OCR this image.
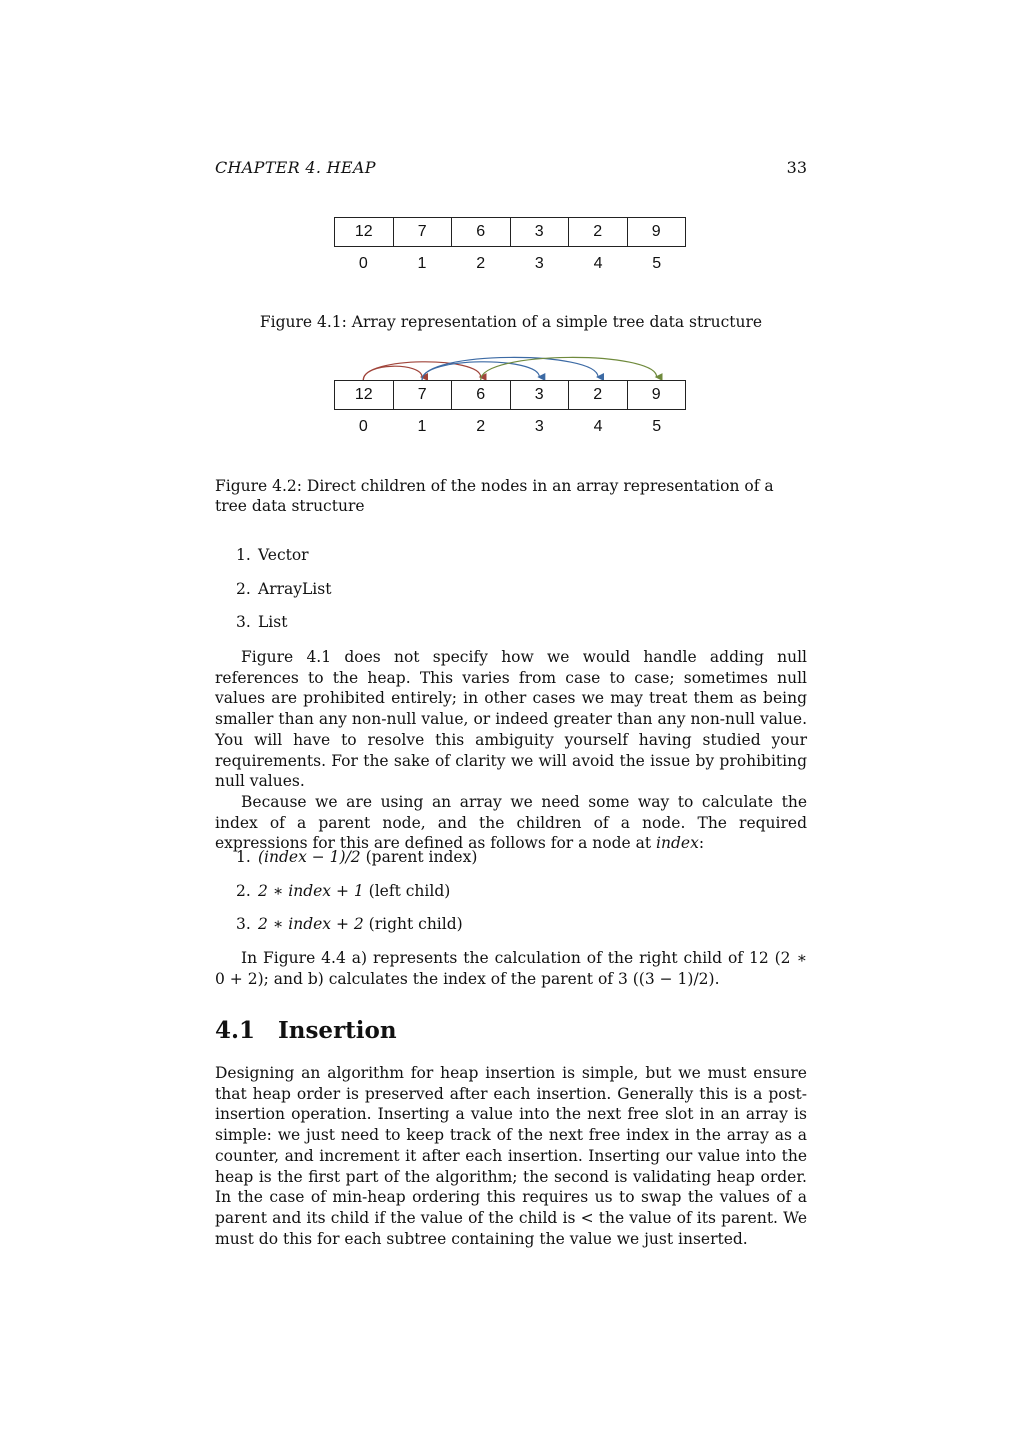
CHAPTER 4. HEAP	33
12	7	6	3	2	9
0	1	2	3	4	5
Figure 4.1: Array representation of a simple tree data structure
12	7	6	3	2	9
0	1	2	3	4	5
Figure 4.2: Direct children of the nodes in an array representation of a tree data structure
1. Vector
2. ArrayList
3. List
Figure 4.1 does not specify how we would handle adding null references to the heap. This varies from case to case; sometimes null values are prohibited entirely; in other cases we may treat them as being smaller than any non-null value, or indeed greater than any non-null value. You will have to resolve this ambiguity yourself having studied your requirements. For the sake of clarity we will avoid the issue by prohibiting null values.
Because we are using an array we need some way to calculate the index of a parent node, and the children of a node. The required expressions for this are defined as follows for a node at index:
1. (index − 1)/2 (parent index)
2. 2 ∗ index + 1 (left child)
3. 2 ∗ index + 2 (right child)
In Figure 4.4 a) represents the calculation of the right child of 12 (2 ∗ 0 + 2); and b) calculates the index of the parent of 3 ((3 − 1)/2).
4.1 Insertion
Designing an algorithm for heap insertion is simple, but we must ensure that heap order is preserved after each insertion. Generally this is a post-insertion operation. Inserting a value into the next free slot in an array is simple: we just need to keep track of the next free index in the array as a counter, and increment it after each insertion. Inserting our value into the heap is the first part of the algorithm; the second is validating heap order. In the case of min-heap ordering this requires us to swap the values of a parent and its child if the value of the child is < the value of its parent. We must do this for each subtree containing the value we just inserted.
